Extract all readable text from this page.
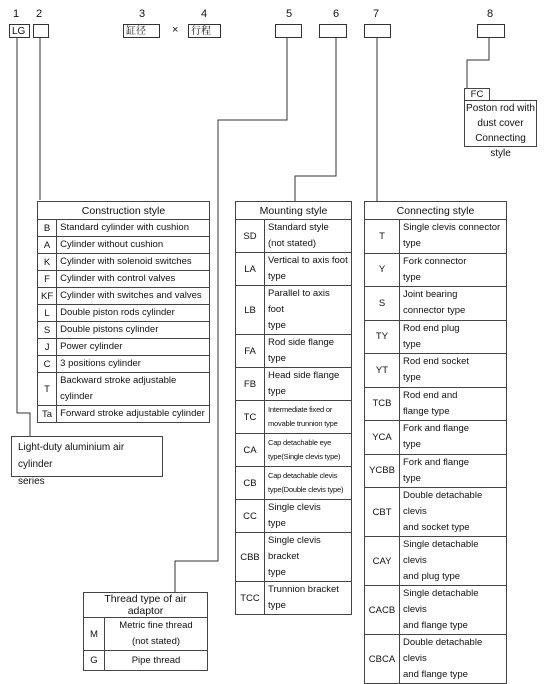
1	2	3	4	5	6	7	8
LG	缸径	×	行程
FC
Poston rod with
dust cover
Connecting style
Construction style	
B	Standard cylinder with cushion
A	Cylinder without cushion
K	Cylinder with solenoid switches
F	Cylinder with control valves
KF	Cylinder with switches and valves
L	Double piston rods cylinder
S	Double pistons cylinder
J	Power cylinder
C	3 positions cylinder
T	Backward stroke adjustable cylinder
Ta	Forward stroke adjustable cylinder
Light-duty aluminium air cylinder
series
Mounting style	
SD	Standard style
(not stated)

LA	Vertical to axis foot
type

LB	Parallel to axis foot
type

FA	Rod side flange
type

FB	Head side flange
type

TC	Intermediate fixed or
movable trunnion type

CA	Cap detachable eye
type(Single clevis type)

CB	Cap detachable clevis
type(Double clevis type)

CC	Single clevis
type

CBB	Single clevis bracket
type

TCC	Trunnion bracket
type
Connecting style	
T	Single clevis connector
type

Y	Fork connector
type

S	Joint bearing
connector type

TY	Rod end plug
type

YT	Rod end socket
type

TCB	Rod end and
flange type

YCA	Fork and flange
type

YCBB	Fork and flange
type

CBT	Double detachable clevis
and socket type

CAY	Single detachable clevis
and plug type

CACB	Single detachable clevis
and flange type

CBCA	Double detachable clevis
and flange type
Thread type of air adaptor	
M	Metric fine thread
(not stated)

G	Pipe thread
